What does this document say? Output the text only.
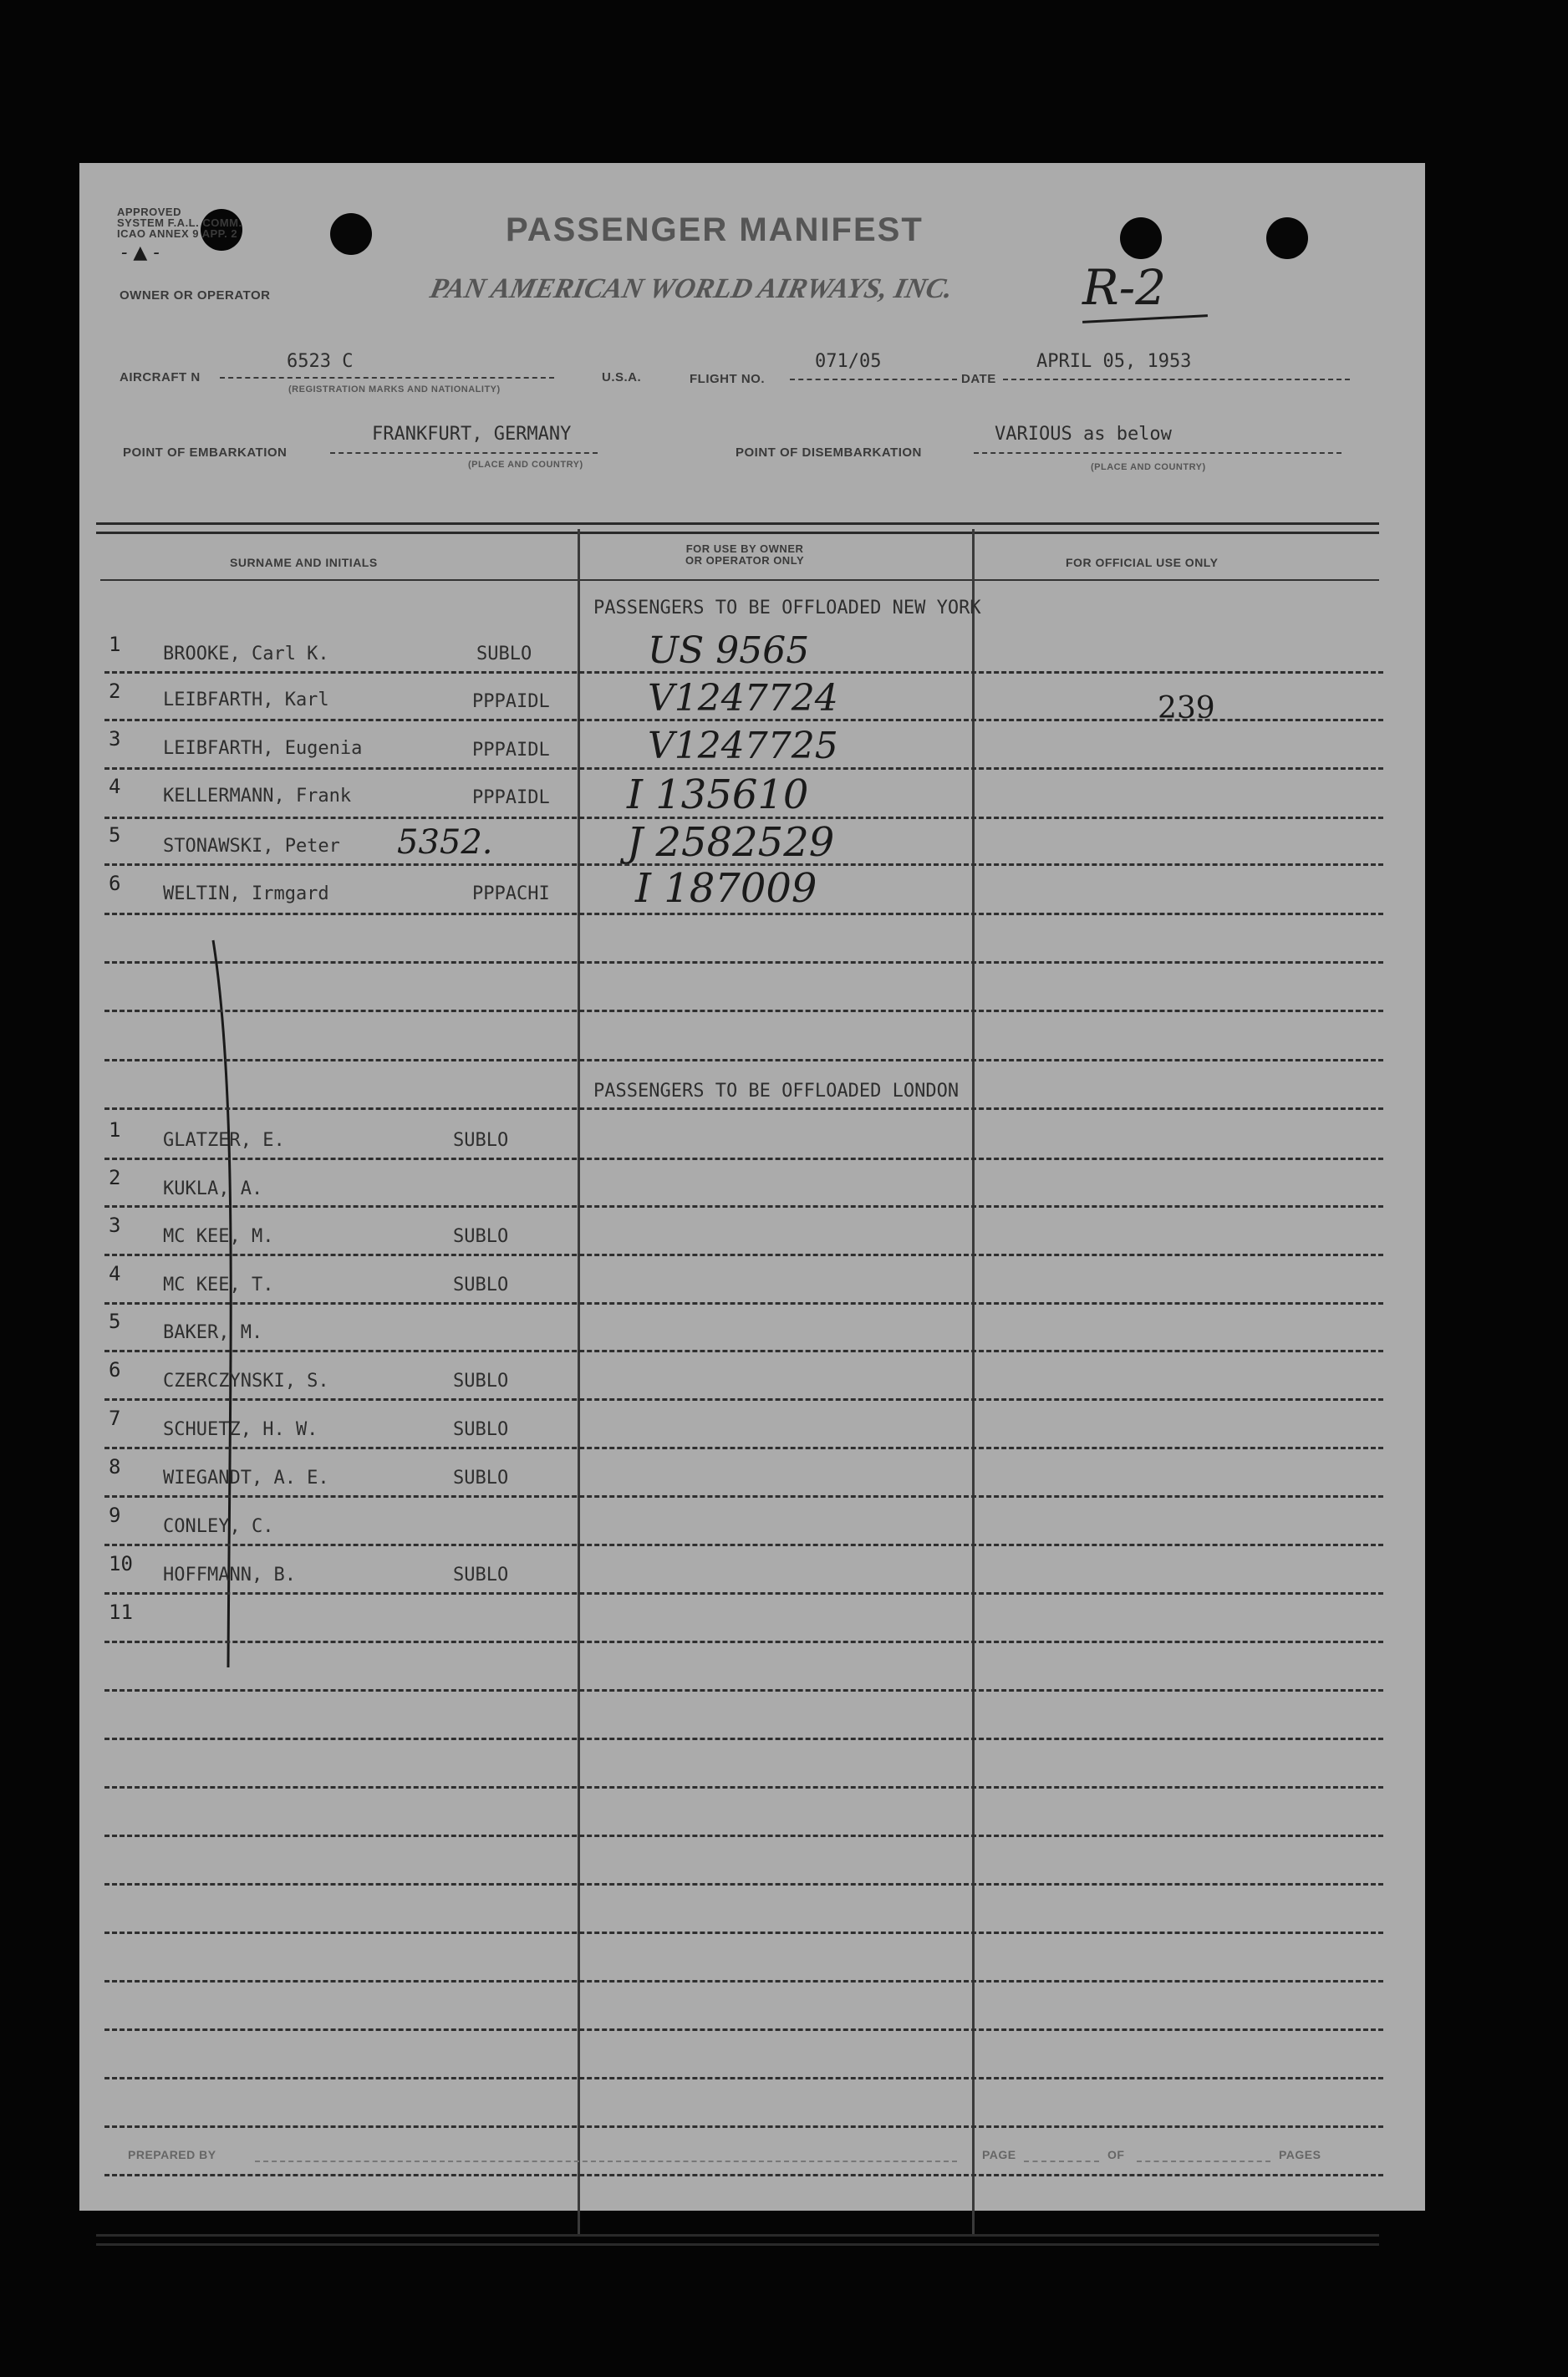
APPROVED
SYSTEM F.A.L. COMM.
ICAO ANNEX 9 APP. 2
- ▲ -
PASSENGER MANIFEST
OWNER OR OPERATOR	PAN AMERICAN WORLD AIRWAYS, INC.	R-2
AIRCRAFT N
6523 C
(REGISTRATION MARKS AND NATIONALITY)
U.S.A.	FLIGHT NO.
071/05
DATE
APRIL 05, 1953
POINT OF EMBARKATION
FRANKFURT, GERMANY
(PLACE AND COUNTRY)
POINT OF DISEMBARKATION
VARIOUS as below
(PLACE AND COUNTRY)
SURNAME AND INITIALS
FOR USE BY OWNER
OR OPERATOR ONLY	FOR OFFICIAL USE ONLY
PASSENGERS TO BE OFFLOADED NEW YORK
1 BROOKE, Carl K.	SUBLO	US 9565
2 LEIBFARTH, Karl	PPPAIDL	V1247724	239
3 LEIBFARTH, Eugenia	PPPAIDL	V1247725
4 KELLERMANN, Frank	PPPAIDL I 135610
5 STONAWSKI, Peter 5352.	J 2582529
6 WELTIN, Irmgard	PPPACHI I 187009
PASSENGERS TO BE OFFLOADED LONDON
1 GLATZER, E.	SUBLO
2 KUKLA, A.
3 MC KEE, M.	SUBLO
4 MC KEE, T.	SUBLO
5 BAKER, M.
6 CZERCZYNSKI, S.	SUBLO
7 SCHUETZ, H. W.	SUBLO
8 WIEGANDT, A. E.	SUBLO
9 CONLEY, C.
10 HOFFMANN, B.	SUBLO
11
PREPARED BY	PAGE	OF	PAGES
